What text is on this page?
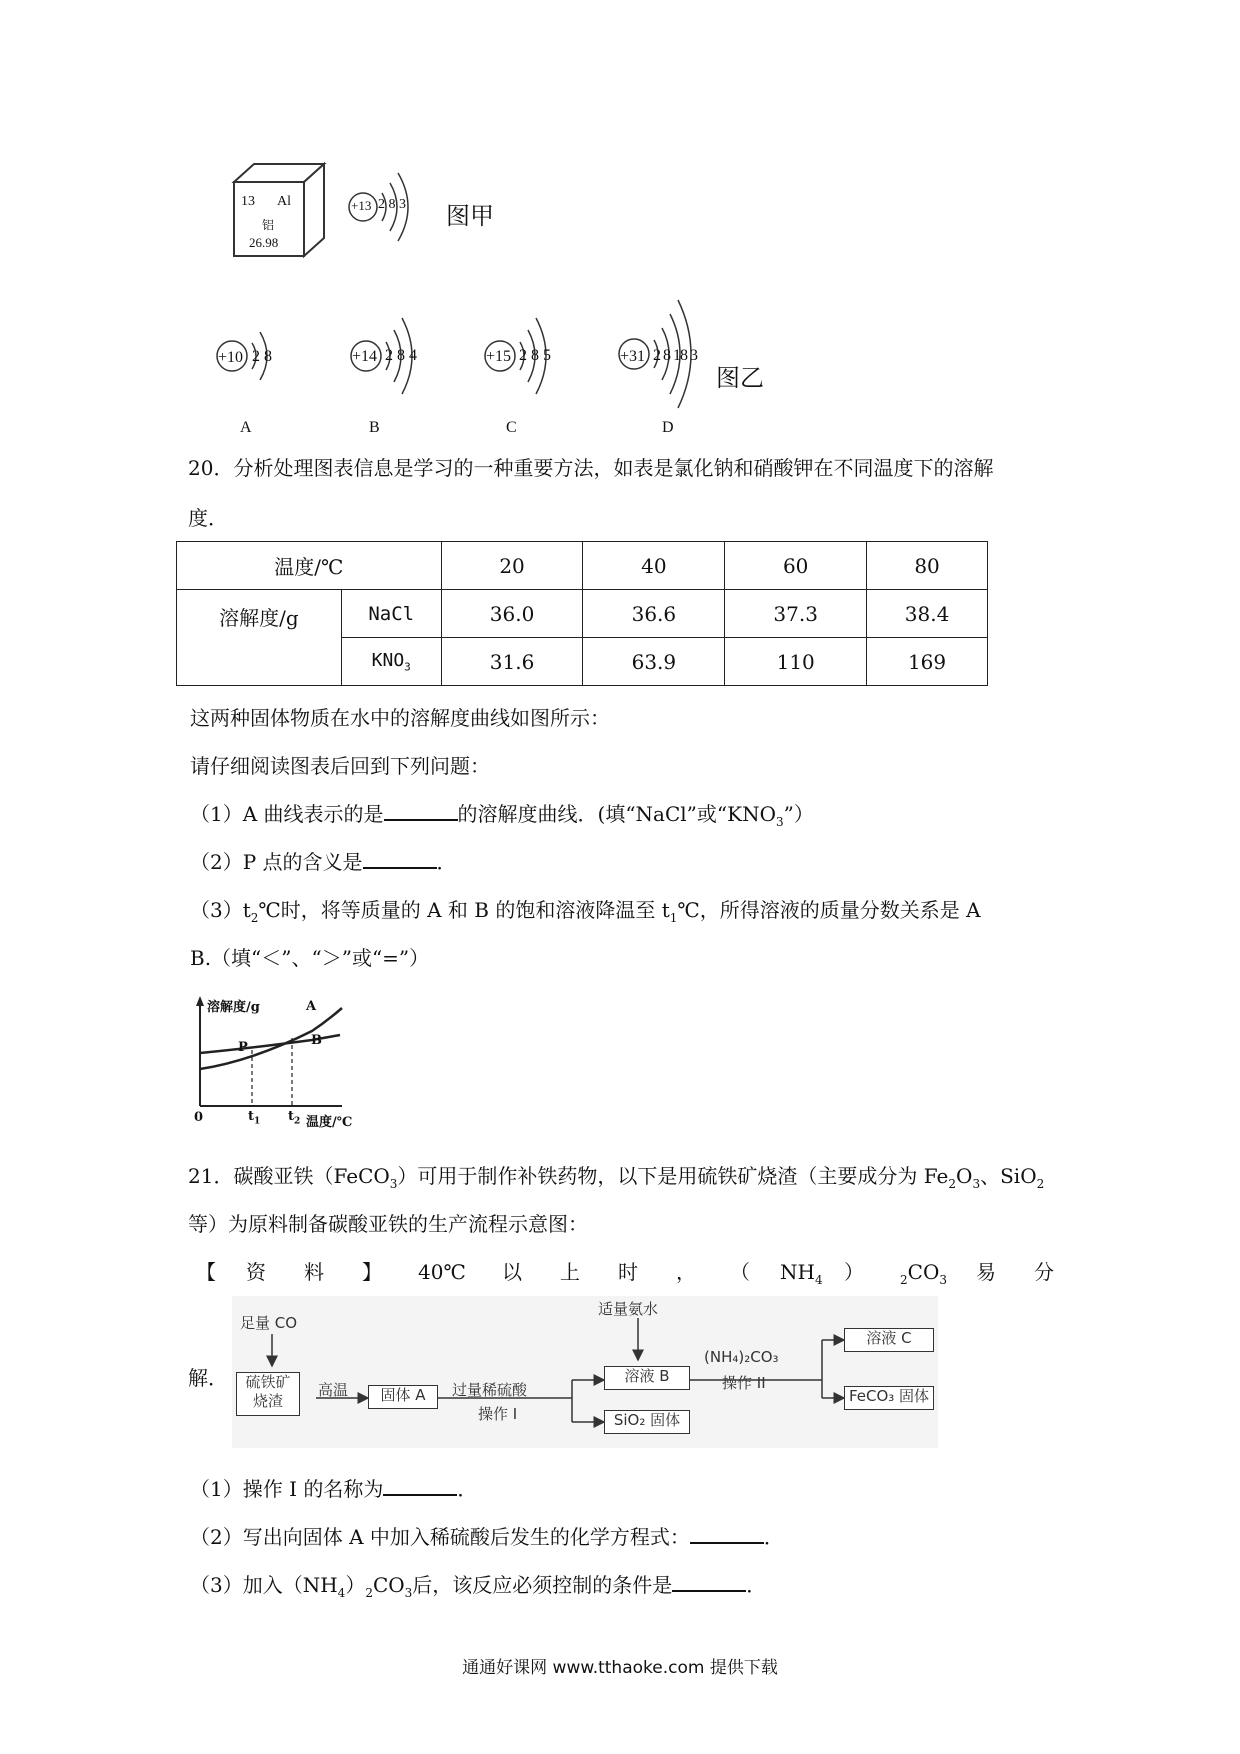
13 Al
铝
26.98
+13 2 8 3 图甲
+10 2 8
A
+14 2 8 4
B
+15 2 8 5
C
+31 2 8 18 3
D
图乙
20．分析处理图表信息是学习的一种重要方法，如表是氯化钠和硝酸钾在不同温度下的溶解
度．
温度/℃		20	40	60	80
溶解度/g	NaCl	36.0	36.6	37.3	38.4
	$KNO_3$	31.6	63.9	110	169
这两种固体物质在水中的溶解度曲线如图所示：
请仔细阅读图表后回到下列问题：
（1）A 曲线表示的是	的溶解度曲线．(填“NaCl”或“$KNO_3$”）
（2）P 点的含义是	．
$(3)t_2℃$时，将等质量的 A 和 B 的饱和溶液降温至 $t_1℃$，所得溶液的质量分数关系是 A
B.（填“＜”、“＞”或“=”）
溶解度/g	A
B
P
0	$t_1$ $t_2$ 温度/℃
21．碳酸亚铁（FeCO$_3$）可用于制作补铁药物，以下是用硫铁矿烧渣（主要成分为 $Fe_2O_3$、SiO$_2$
等）为原料制备碳酸亚铁的生产流程示意图：
【 资 料 】 40℃ 以 上 时 ， （ $NH_4$ ）	$_2CO_3$ 易 分
解．
足量 CO
适量氨水
硫铁矿
烧渣
高温	固体 A	过量稀硫酸
操作 I
溶液 B
SiO₂ 固体
(NH₄)₂CO₃
操作 II
溶液 C
FeCO₃ 固体
（1）操作 I 的名称为	．
（2）写出向固体 A 中加入稀硫酸后发生的化学方程式：	．
（3）加入$(NH_4)_2CO_3$后，该反应必须控制的条件是	．
通通好课网 www.tthaoke.com 提供下载
